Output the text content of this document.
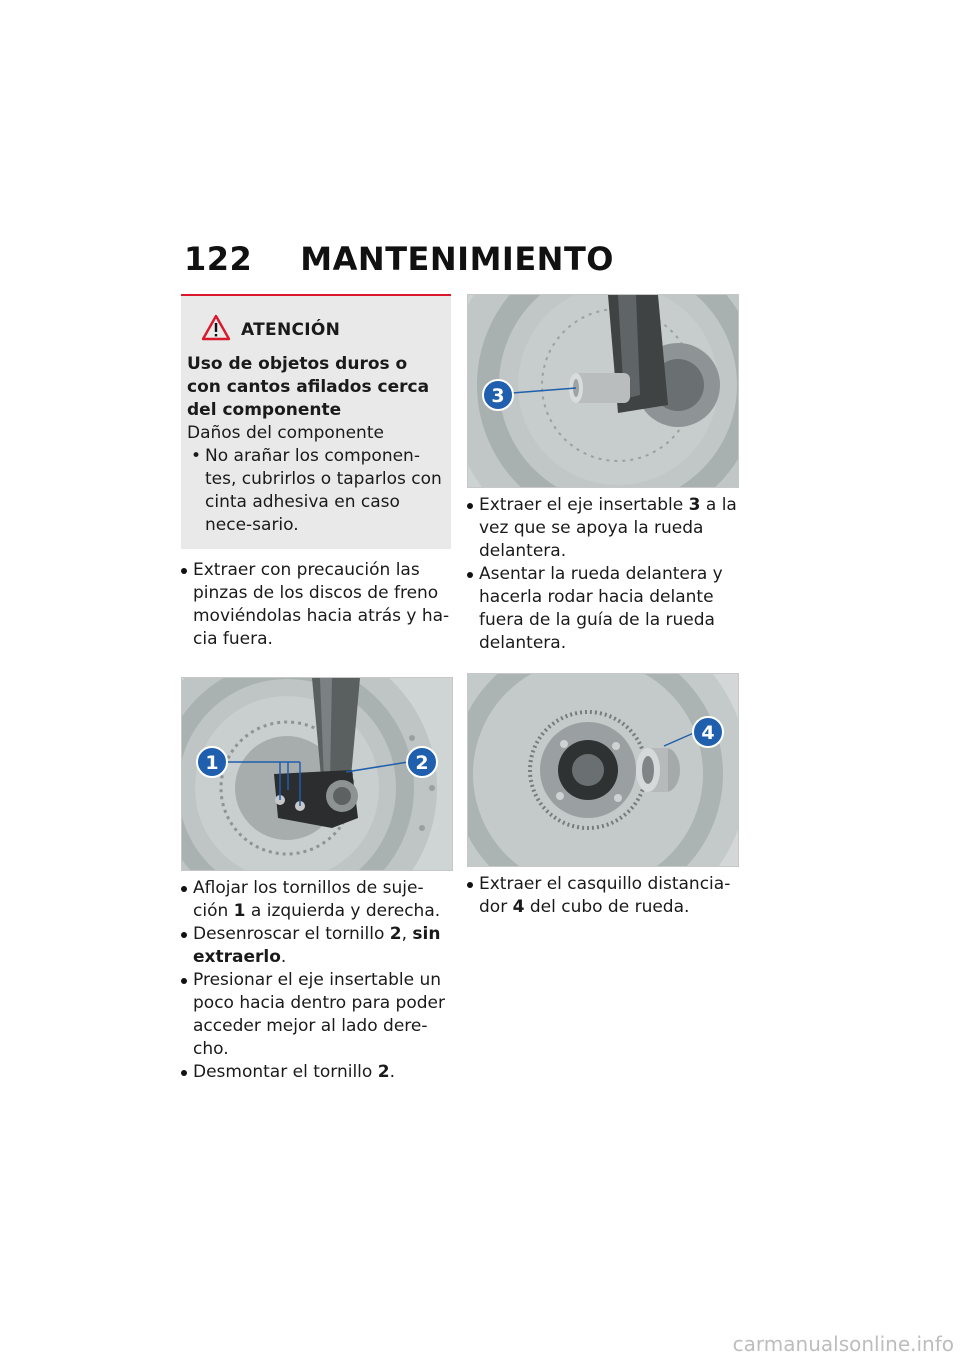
122 MANTENIMIENTO
ATENCIÓN
Uso de objetos duros o con cantos afilados cerca del componente
Daños del componente
• No arañar los componen-tes, cubrirlos o taparlos con cinta adhesiva en caso nece-sario.
Extraer con precaución las pinzas de los discos de freno moviéndolas hacia atrás y ha-cia fuera.
1	2
Aflojar los tornillos de suje-ción 1 a izquierda y derecha.
Desenroscar el tornillo 2, sin extraerlo.
Presionar el eje insertable un poco hacia dentro para poder acceder mejor al lado dere-cho.
Desmontar el tornillo 2.
3
Extraer el eje insertable 3 a la vez que se apoya la rueda delantera.
Asentar la rueda delantera y hacerla rodar hacia delante fuera de la guía de la rueda delantera.
4
Extraer el casquillo distancia-dor 4 del cubo de rueda.
carmanualsonline.info
